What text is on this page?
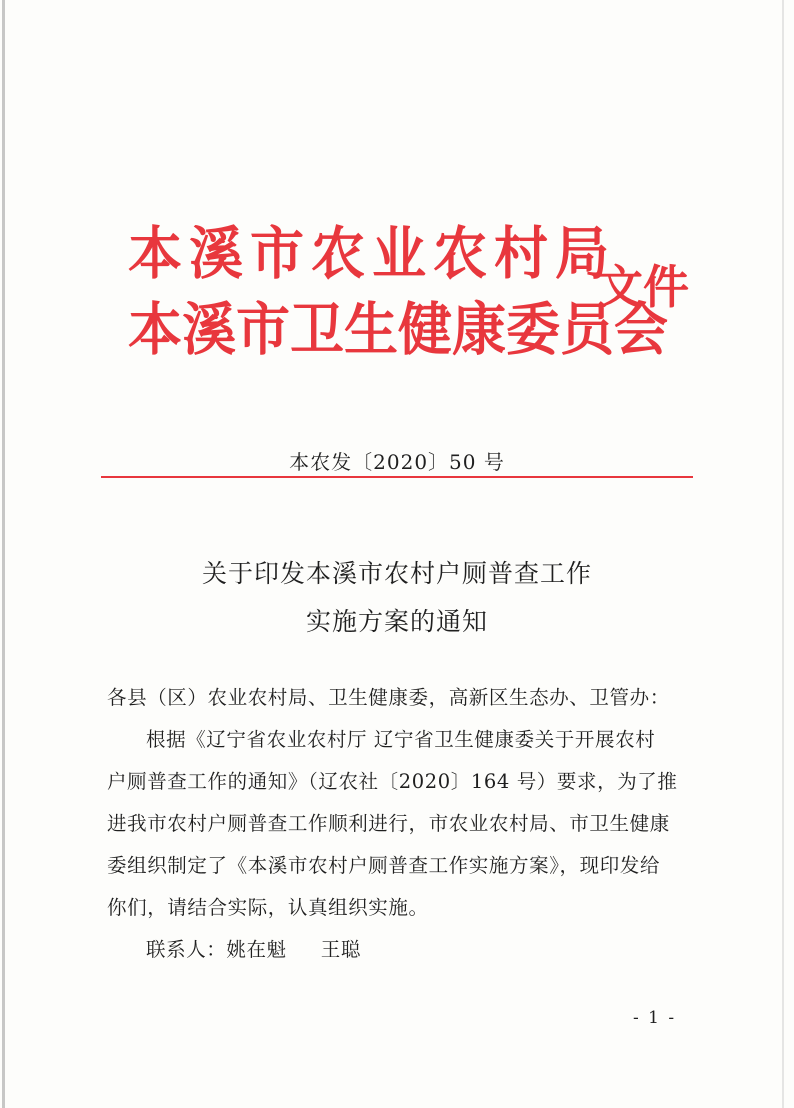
本溪市农业农村局
本溪市卫生健康委员会
文件
本农发〔2020〕50 号
关于印发本溪市农村户厕普查工作
实施方案的通知
各县（区）农业农村局、卫生健康委，高新区生态办、卫管办：
根据《辽宁省农业农村厅 辽宁省卫生健康委关于开展农村
户厕普查工作的通知》（辽农社〔2020〕164 号）要求，为了推
进我市农村户厕普查工作顺利进行，市农业农村局、市卫生健康
委组织制定了《本溪市农村户厕普查工作实施方案》，现印发给
你们，请结合实际，认真组织实施。
联系人：姚在魁 王聪
- 1 -
